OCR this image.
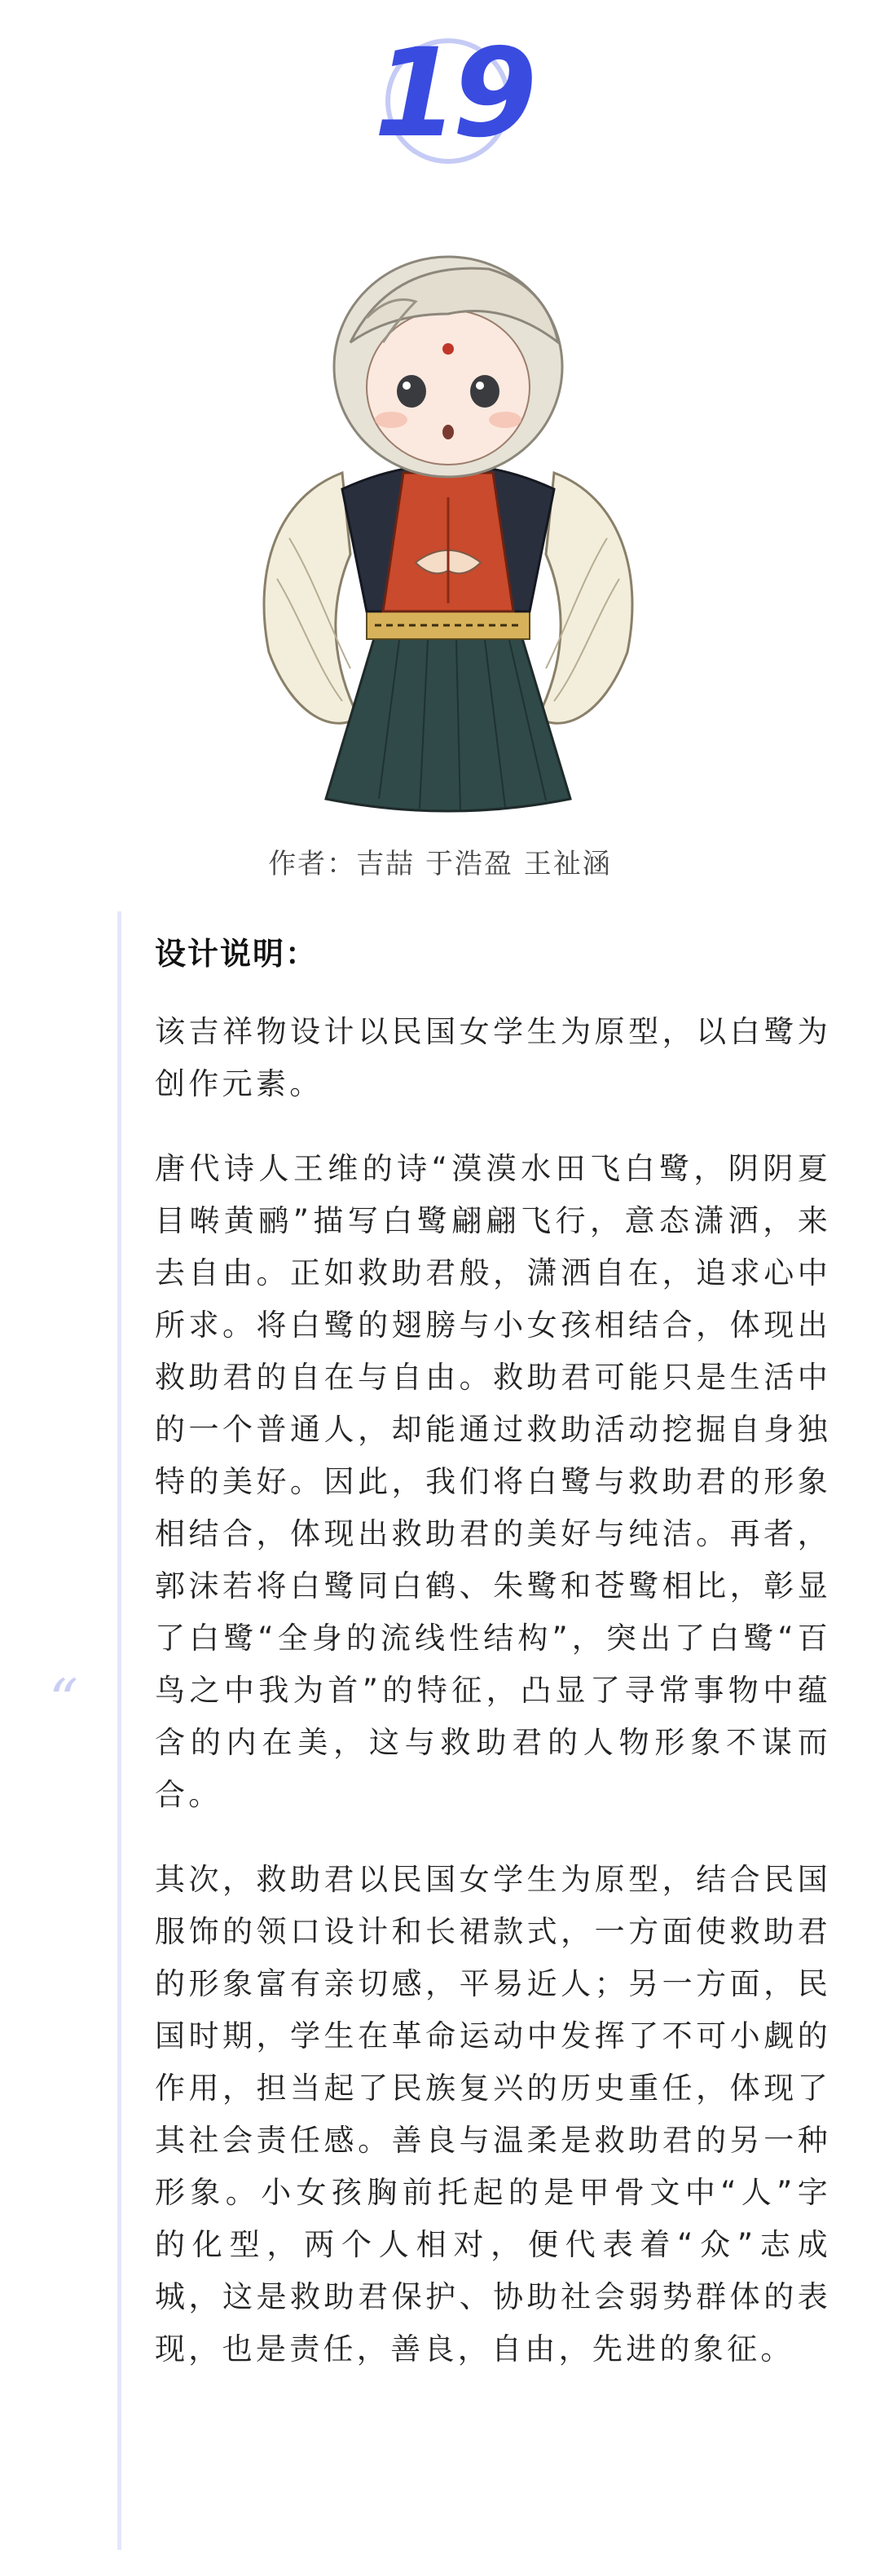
19
作者：吉喆 于浩盈 王祉涵
“

设计说明：

该吉祥物设计以民国女学生为原型，以白鹭为创作元素。

唐代诗人王维的诗“漠漠水田飞白鹭，阴阴夏目啭黄鹂”描写白鹭翩翩飞行，意态潇洒，来去自由。正如救助君般，潇洒自在，追求心中所求。将白鹭的翅膀与小女孩相结合，体现出救助君的自在与自由。救助君可能只是生活中的一个普通人，却能通过救助活动挖掘自身独特的美好。因此，我们将白鹭与救助君的形象相结合，体现出救助君的美好与纯洁。再者，郭沫若将白鹭同白鹤、朱鹭和苍鹭相比，彰显了白鹭“全身的流线性结构”，突出了白鹭“百鸟之中我为首”的特征，凸显了寻常事物中蕴含的内在美，这与救助君的人物形象不谋而合。

其次，救助君以民国女学生为原型，结合民国服饰的领口设计和长裙款式，一方面使救助君的形象富有亲切感，平易近人；另一方面，民国时期，学生在革命运动中发挥了不可小觑的作用，担当起了民族复兴的历史重任，体现了其社会责任感。善良与温柔是救助君的另一种形象。小女孩胸前托起的是甲骨文中“人”字的化型，两个人相对，便代表着“众”志成城，这是救助君保护、协助社会弱势群体的表现，也是责任，善良，自由，先进的象征。
